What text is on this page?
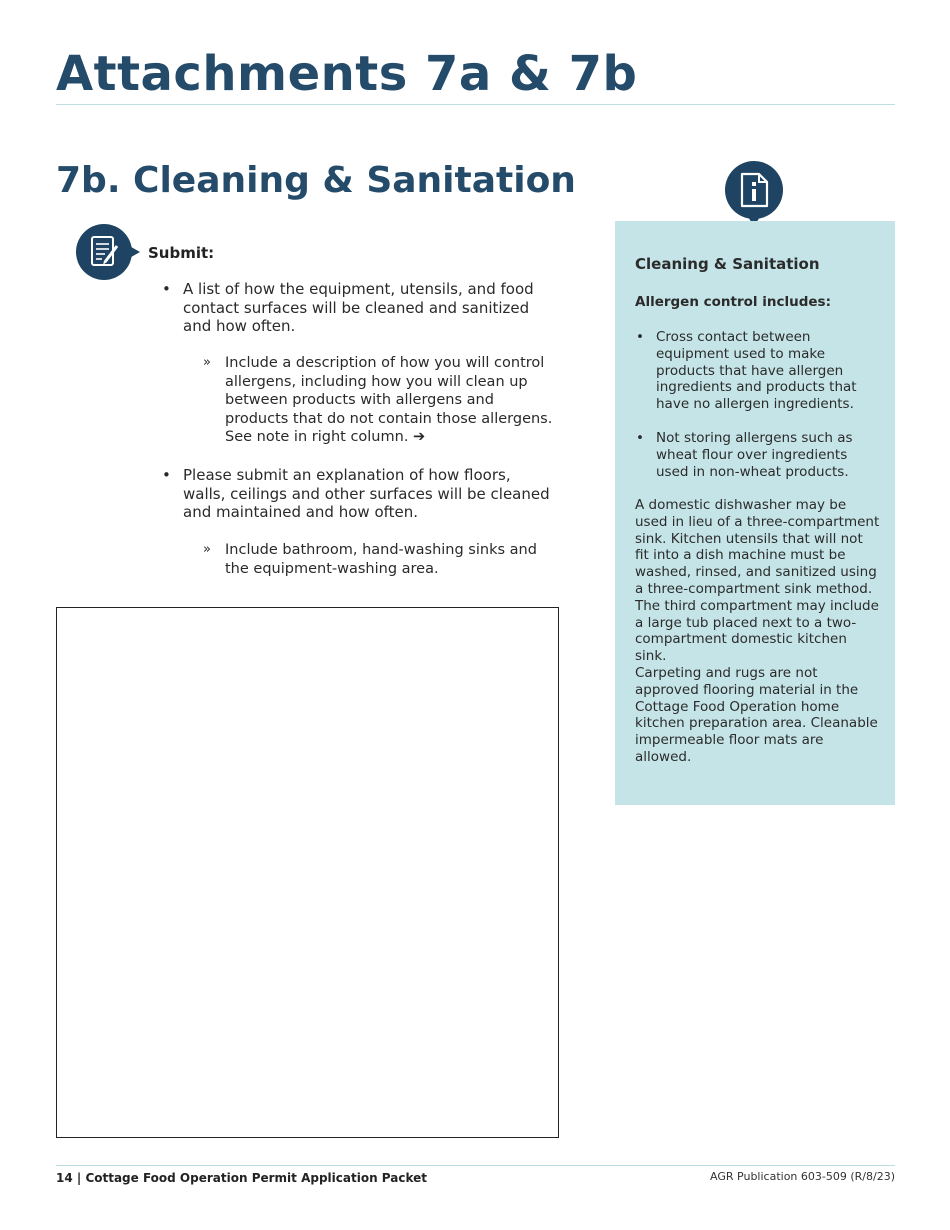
Attachments 7a & 7b
7b. Cleaning & Sanitation
Submit:
• A list of how the equipment, utensils, and food contact surfaces will be cleaned and sanitized and how often.
» Include a description of how you will control allergens, including how you will clean up between products with allergens and products that do not contain those allergens. See note in right column. ➔
• Please submit an explanation of how floors, walls, ceilings and other surfaces will be cleaned and maintained and how often.
» Include bathroom, hand-washing sinks and the equipment-washing area.
Cleaning & Sanitation
Allergen control includes:
• Cross contact between equipment used to make products that have allergen ingredients and products that have no allergen ingredients.
• Not storing allergens such as wheat flour over ingredients used in non-wheat products.
A domestic dishwasher may be used in lieu of a three-compartment sink. Kitchen utensils that will not fit into a dish machine must be washed, rinsed, and sanitized using a three-compartment sink method. The third compartment may include a large tub placed next to a two-compartment domestic kitchen sink.
Carpeting and rugs are not approved flooring material in the Cottage Food Operation home kitchen preparation area. Cleanable impermeable floor mats are allowed.
14 | Cottage Food Operation Permit Application Packet	AGR Publication 603-509 (R/8/23)
